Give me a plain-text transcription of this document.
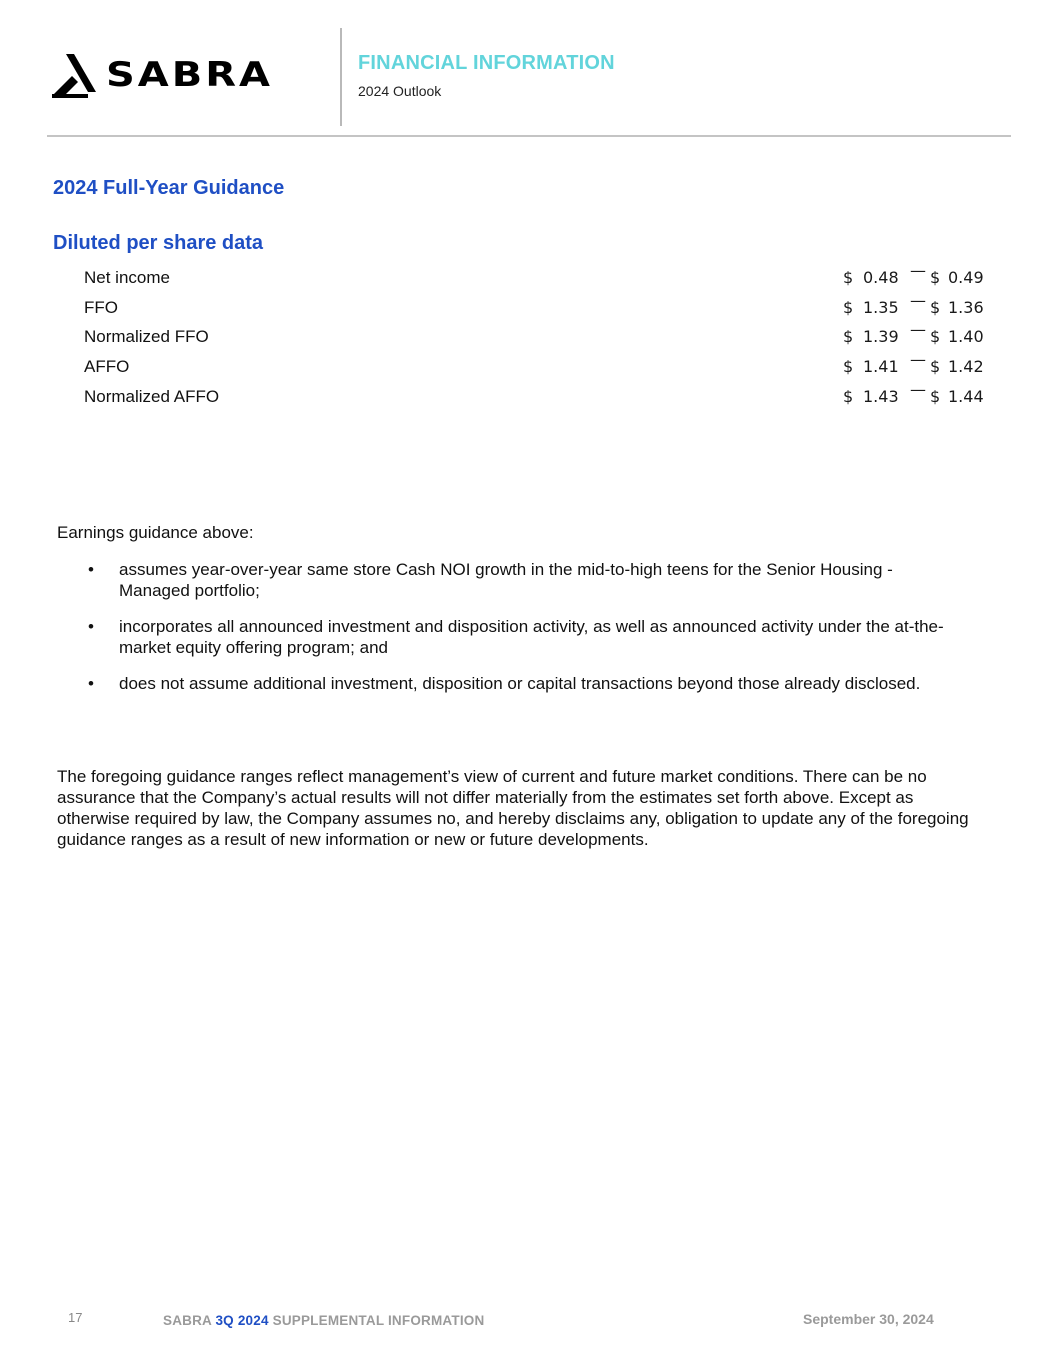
SABRA	FINANCIAL INFORMATION
2024 Outlook
2024 Full-Year Guidance
Diluted per share data
Net income	$ 0.48 — $ 0.49
FFO	$ 1.35 — $ 1.36
Normalized FFO	$ 1.39 — $ 1.40
AFFO	$ 1.41 — $ 1.42
Normalized AFFO	$ 1.43 — $ 1.44
Earnings guidance above:
• assumes year-over-year same store Cash NOI growth in the mid-to-high teens for the Senior Housing - Managed portfolio;
• incorporates all announced investment and disposition activity, as well as announced activity under the at-the-market equity offering program; and
• does not assume additional investment, disposition or capital transactions beyond those already disclosed.

The foregoing guidance ranges reflect management’s view of current and future market conditions. There can be no assurance that the Company’s actual results will not differ materially from the estimates set forth above. Except as otherwise required by law, the Company assumes no, and hereby disclaims any, obligation to update any of the foregoing guidance ranges as a result of new information or new or future developments.

17	SABRA 3Q 2024 SUPPLEMENTAL INFORMATION	September 30, 2024
